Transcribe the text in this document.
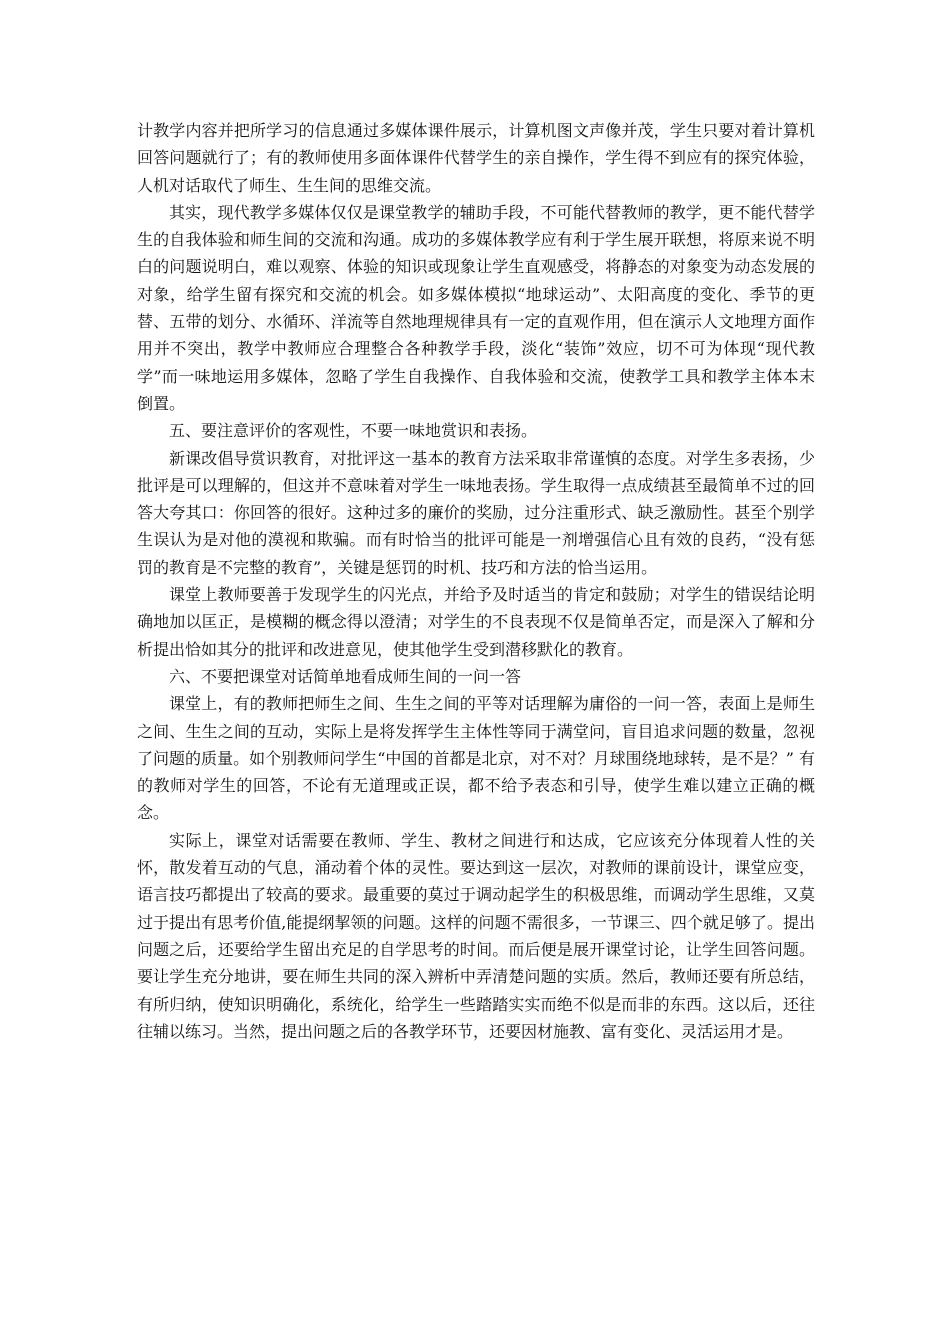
计教学内容并把所学习的信息通过多媒体课件展示，计算机图文声像并茂，学生只要对着计算机回答问题就行了；有的教师使用多面体课件代替学生的亲自操作，学生得不到应有的探究体验，人机对话取代了师生、生生间的思维交流。

其实，现代教学多媒体仅仅是课堂教学的辅助手段，不可能代替教师的教学，更不能代替学生的自我体验和师生间的交流和沟通。成功的多媒体教学应有利于学生展开联想，将原来说不明白的问题说明白，难以观察、体验的知识或现象让学生直观感受，将静态的对象变为动态发展的对象，给学生留有探究和交流的机会。如多媒体模拟“地球运动”、太阳高度的变化、季节的更替、五带的划分、水循环、洋流等自然地理规律具有一定的直观作用，但在演示人文地理方面作用并不突出，教学中教师应合理整合各种教学手段，淡化“装饰”效应，切不可为体现“现代教学”而一味地运用多媒体，忽略了学生自我操作、自我体验和交流，使教学工具和教学主体本末倒置。

五、要注意评价的客观性，不要一味地赏识和表扬。

新课改倡导赏识教育，对批评这一基本的教育方法采取非常谨慎的态度。对学生多表扬，少批评是可以理解的，但这并不意味着对学生一味地表扬。学生取得一点成绩甚至最简单不过的回答大夸其口：你回答的很好。这种过多的廉价的奖励，过分注重形式、缺乏激励性。甚至个别学生误认为是对他的漠视和欺骗。而有时恰当的批评可能是一剂增强信心且有效的良药，“没有惩罚的教育是不完整的教育”，关键是惩罚的时机、技巧和方法的恰当运用。

课堂上教师要善于发现学生的闪光点，并给予及时适当的肯定和鼓励；对学生的错误结论明确地加以匡正，是模糊的概念得以澄清；对学生的不良表现不仅是简单否定，而是深入了解和分析提出恰如其分的批评和改进意见，使其他学生受到潜移默化的教育。

六、不要把课堂对话简单地看成师生间的一问一答

课堂上，有的教师把师生之间、生生之间的平等对话理解为庸俗的一问一答，表面上是师生之间、生生之间的互动，实际上是将发挥学生主体性等同于满堂问，盲目追求问题的数量，忽视了问题的质量。如个别教师问学生“中国的首都是北京，对不对？月球围绕地球转，是不是？” 有的教师对学生的回答，不论有无道理或正误，都不给予表态和引导，使学生难以建立正确的概念。

实际上，课堂对话需要在教师、学生、教材之间进行和达成，它应该充分体现着人性的关怀，散发着互动的气息，涌动着个体的灵性。要达到这一层次，对教师的课前设计，课堂应变，语言技巧都提出了较高的要求。最重要的莫过于调动起学生的积极思维，而调动学生思维，又莫过于提出有思考价值,能提纲挈领的问题。这样的问题不需很多，一节课三、四个就足够了。提出问题之后，还要给学生留出充足的自学思考的时间。而后便是展开课堂讨论，让学生回答问题。要让学生充分地讲，要在师生共同的深入辨析中弄清楚问题的实质。然后，教师还要有所总结，有所归纳，使知识明确化，系统化，给学生一些踏踏实实而绝不似是而非的东西。这以后，还往往辅以练习。当然，提出问题之后的各教学环节，还要因材施教、富有变化、灵活运用才是。
